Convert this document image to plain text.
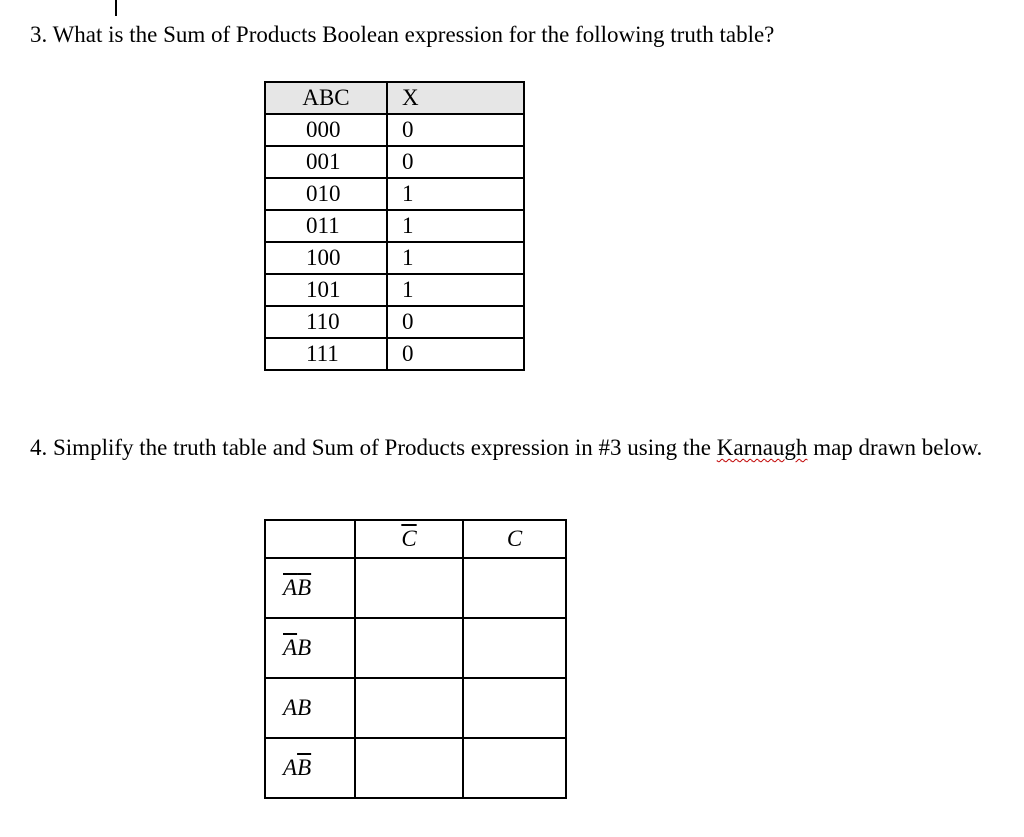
3. What is the Sum of Products Boolean expression for the following truth table?
ABC	X
000	0
001	0
010	1
011	1
100	1
101	1
110	0
111	0
4. Simplify the truth table and Sum of Products expression in #3 using the Karnaugh map drawn below.
	$\overline{C}$	C
$\overline{A}\overline{B}$		
$\overline{A}B$		
AB		
$A\overline{B}$		
